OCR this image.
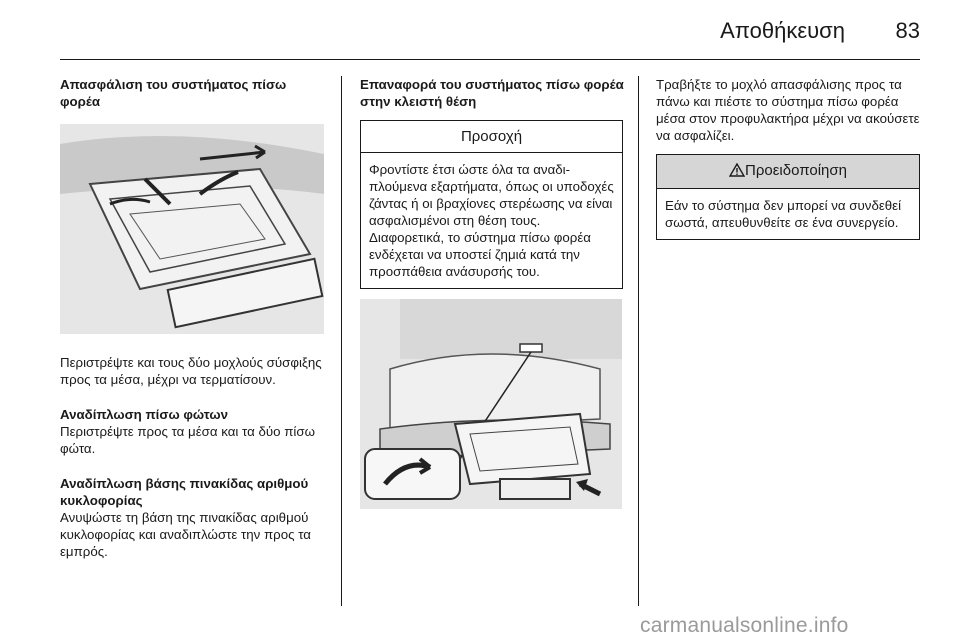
Αποθήκευση	83
Απασφάλιση του συστήματος πίσω φορέα

Περιστρέψτε και τους δύο μοχλούς σύσφιξης προς τα μέσα, μέχρι να τερματίσουν.

Αναδίπλωση πίσω φώτων

Περιστρέψτε προς τα μέσα και τα δύο πίσω φώτα.

Αναδίπλωση βάσης πινακίδας αριθμού κυκλοφορίας

Ανυψώστε τη βάση της πινακίδας αριθμού κυκλοφορίας και αναδιπλώστε την προς τα εμπρός.

Επαναφορά του συστήματος πίσω φορέα στην κλειστή θέση
Προσοχή
Φροντίστε έτσι ώστε όλα τα αναδιπλούμενα εξαρτήματα, όπως οι υποδοχές ζάντας ή οι βραχίονες στερέωσης να είναι ασφαλισμένοι στη θέση τους. Διαφορετικά, το σύστημα πίσω φορέα ενδέχεται να υποστεί ζημιά κατά την προσπάθεια ανάσυρσής του.

Τραβήξτε το μοχλό απασφάλισης προς τα πάνω και πιέστε το σύστημα πίσω φορέα μέσα στον προφυλακτήρα μέχρι να ακούσετε να ασφαλίζει.

Προειδοποίηση
Εάν το σύστημα δεν μπορεί να συνδεθεί σωστά, απευθυνθείτε σε ένα συνεργείο.
carmanualsonline.info
